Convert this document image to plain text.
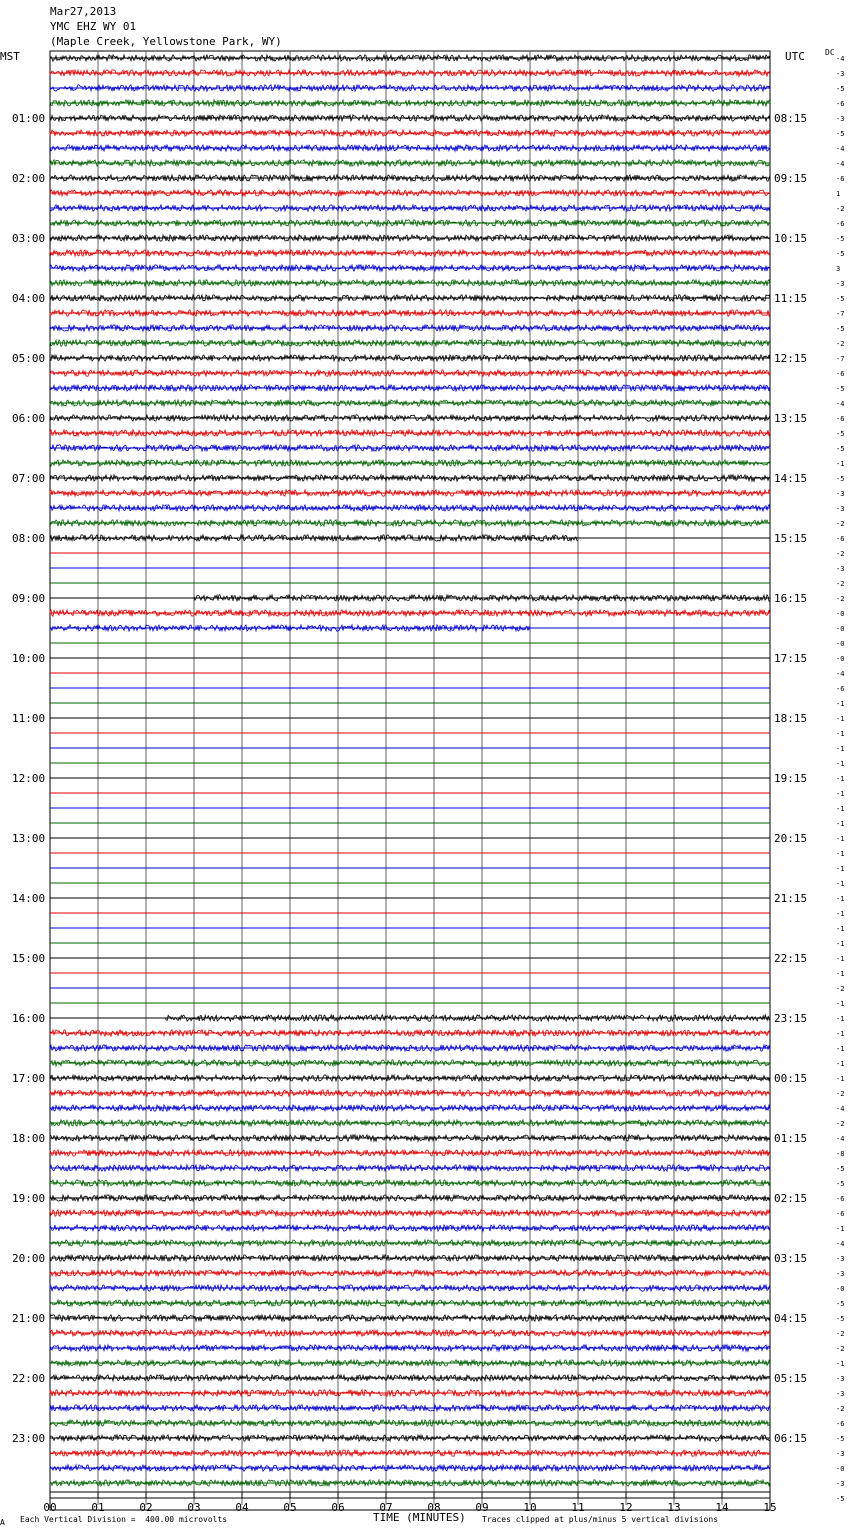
Mar27,2013
YMC EHZ WY 01
(Maple Creek, Yellowstone Park, WY)
MST	UTC	DC
-4
-3
-5
-6
-3
-5
-4
-4
-6
1
-2
-6
-5
-5
3
-3
-5
-7
-5
-2
-7
-6
-5
-4
-6
-5
-5
-1
-5
-3
-3
-2
-6
-2
-3
-2
-2
-0
-0
-0
-0
-4
-6
-1
-1
-1
-1
-1
-1
-1
-1
-1
-1
-1
-1
-1
-1
-1
-1
-1
-1
-1
-2
-1
-1
-1
-1
-1
-1
-2
-4
-2
-4
-8
-5
-5
-6
-6
-1
-4
-3
-3
-0
-5
-5
-2
-2
-1
-3
-3
-2
-6
-5
-3
-0
-3
-5
01:00
02:00
03:00
04:00
05:00
06:00
07:00
08:00
09:00
10:00
11:00
12:00
13:00
14:00
15:00
16:00
17:00
18:00
19:00
20:00
21:00
22:00
23:00
08:15
09:15
10:15
11:15
12:15
13:15
14:15
15:15
16:15
17:15
18:15
19:15
20:15
21:15
22:15
23:15
00:15
01:15
02:15
03:15
04:15
05:15
06:15
00	01	02	03	04	05	06	07	08	09	10	11	12	13	14	15
A Each Vertical Division =  400.00 microvolts	TIME (MINUTES) Traces clipped at plus/minus 5 vertical divisions
